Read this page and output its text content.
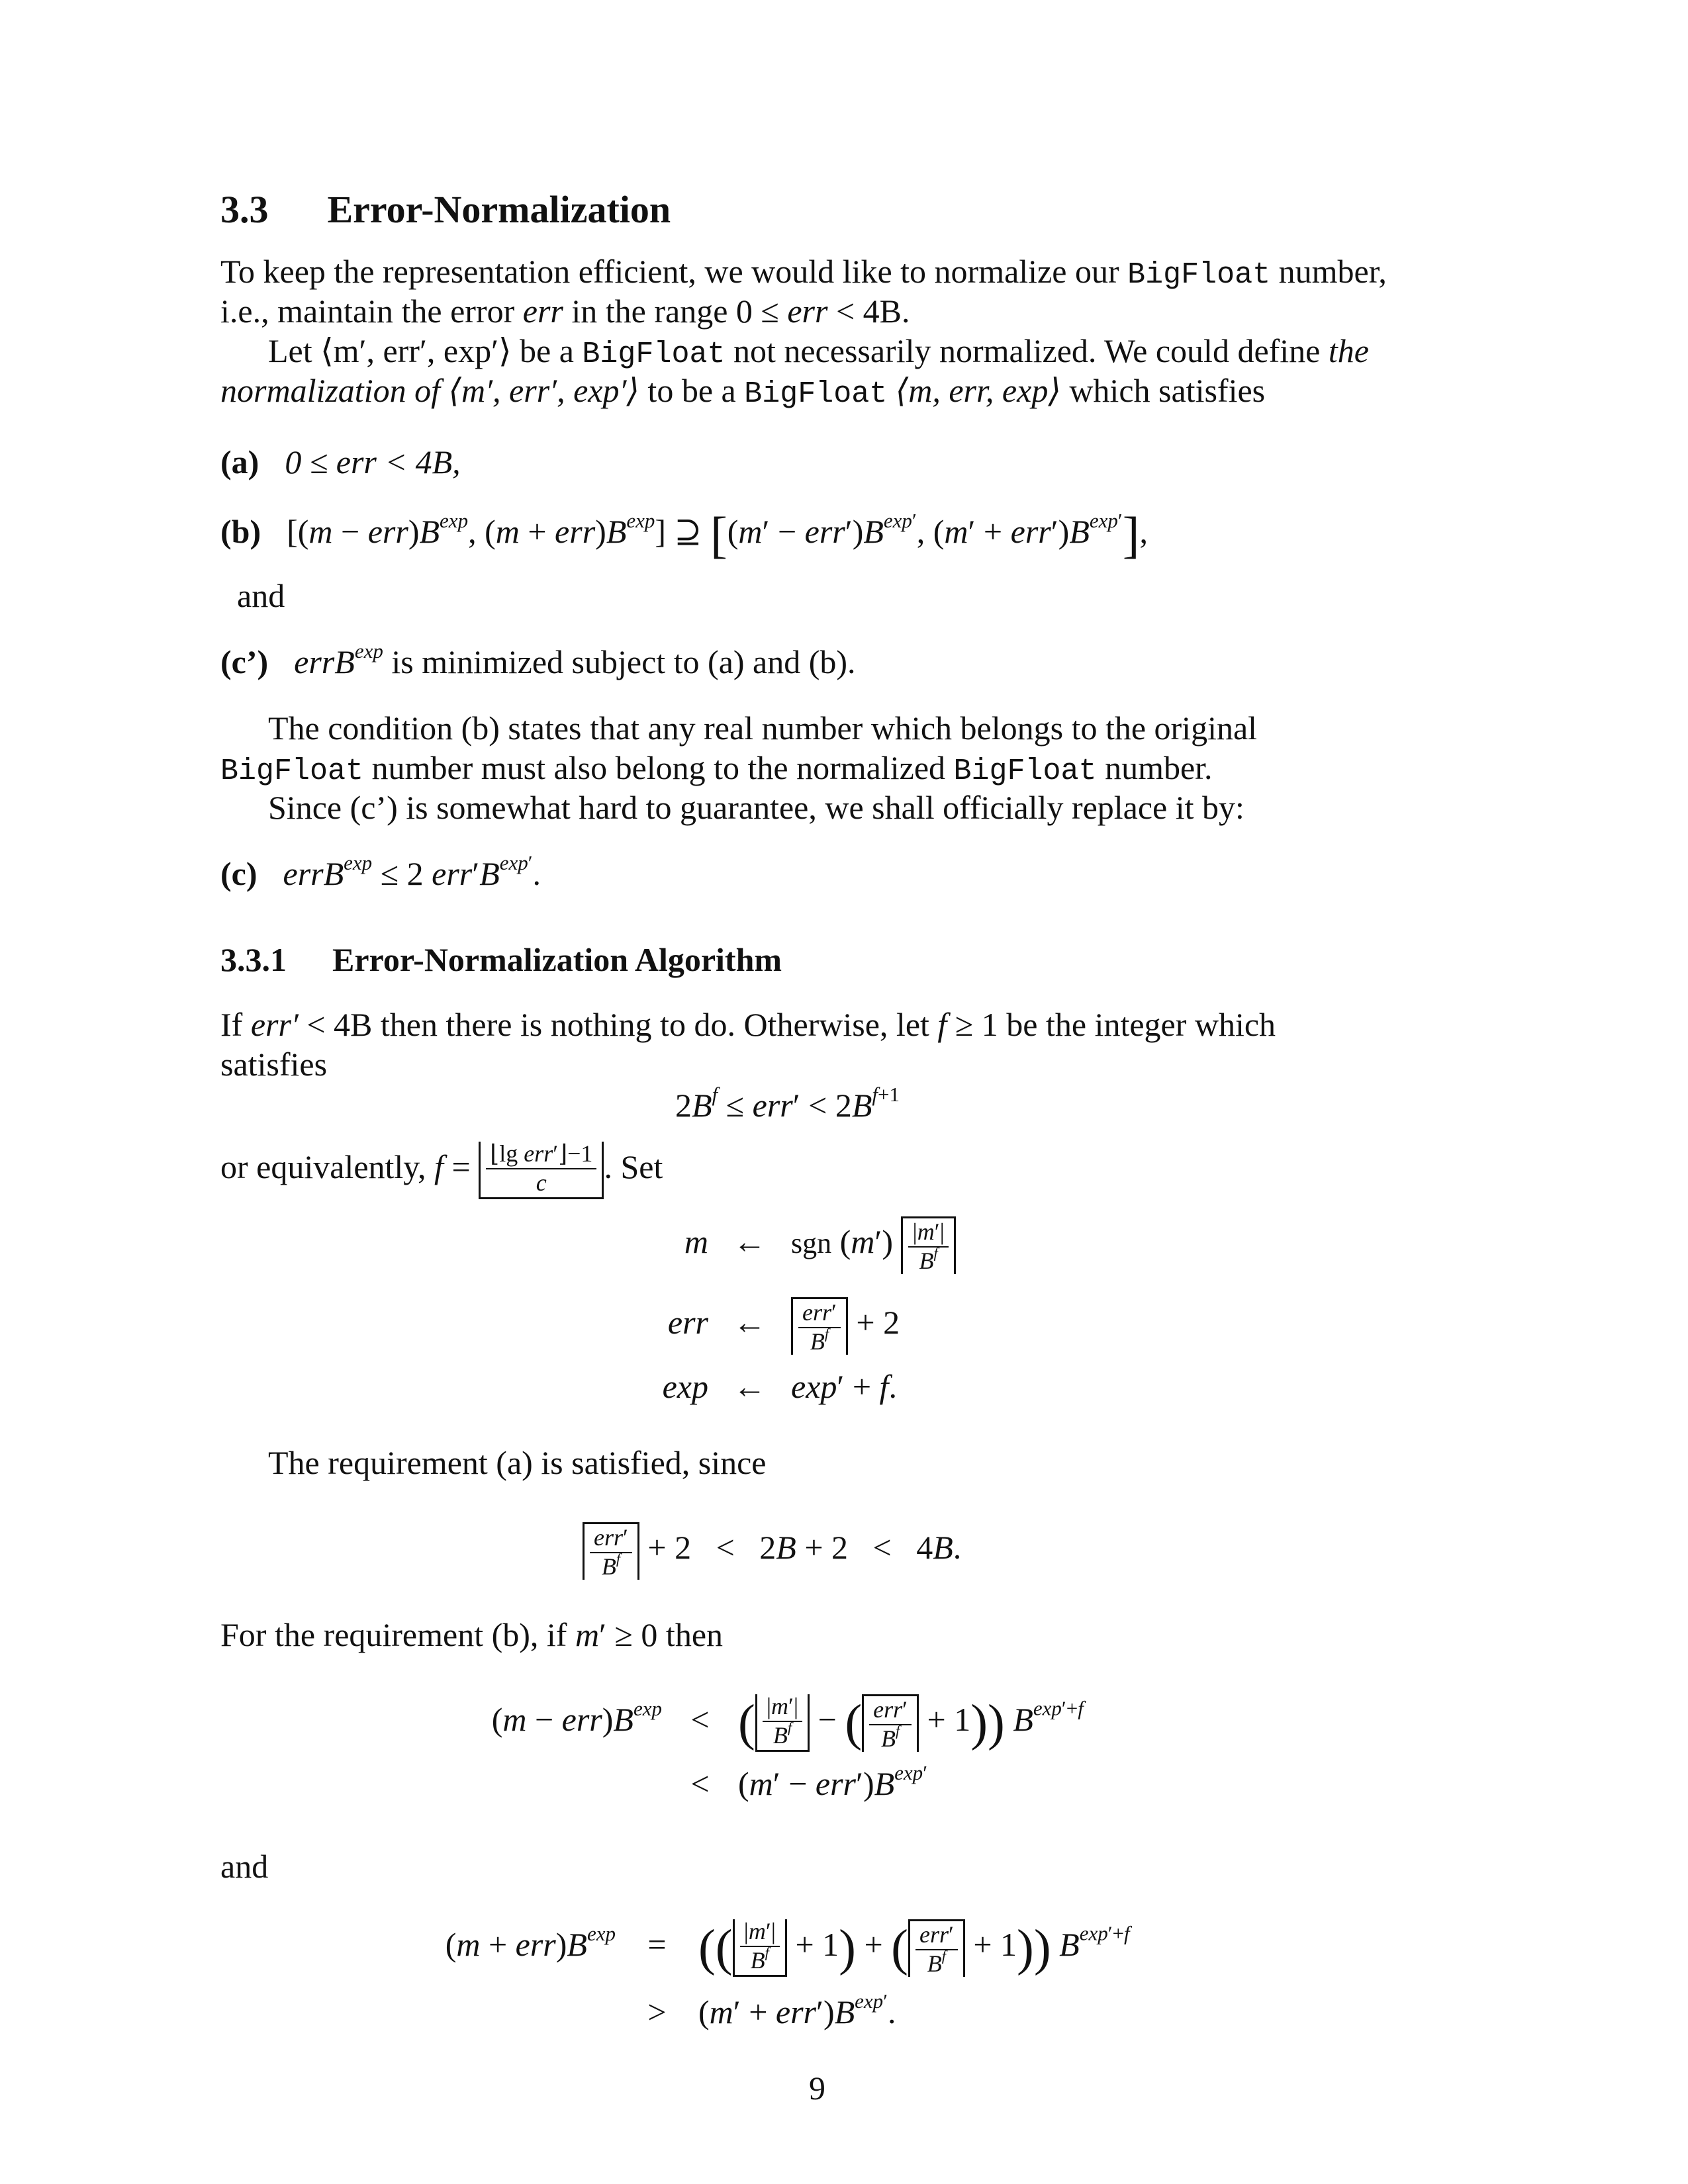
3.3 Error-Normalization
To keep the representation efficient, we would like to normalize our BigFloat number,
i.e., maintain the error err in the range 0 ≤ err < 4B.
Let ⟨m′, err′, exp′⟩ be a BigFloat not necessarily normalized. We could define the
normalization of ⟨m′, err′, exp′⟩ to be a BigFloat ⟨m, err, exp⟩ which satisfies
(a) 0 ≤ err < 4B,
(b) [$(m - err)B^{exp}$, $(m + err)B^{exp}$] ⊇ [$(m' - err')B^{exp'}$, $(m' + err')B^{exp'}$],
and
(c’) errB$^{exp}$ is minimized subject to (a) and (b).
The condition (b) states that any real number which belongs to the original
BigFloat number must also belong to the normalized BigFloat number.
Since (c’) is somewhat hard to guarantee, we shall officially replace it by:
(c) errB$^{exp}$ ≤ 2 $err'B^{exp'}$.
3.3.1 Error-Normalization Algorithm
If err′ < 4B then there is nothing to do. Otherwise, let f ≥ 1 be the integer which
satisfies
$2B^f \le err' < 2B^{f+1}$
or equivalently, $f = \frac{\text{⌊lg err′⌋−1}}{c}$ . Set
m ← sgn $(m') \frac{|m'|}{B^f}$
err ← $\frac{\text{err′}}{B^f} + 2$
exp ← exp′ + f.
The requirement (a) is satisfied, since
$\frac{\text{err′}}{B^f} + 2 < 2B + 2 < 4B$.
For the requirement (b), if m′ ≥ 0 then
$(m - err)B^{exp}$ < ( $\frac{|m'|}{B^f}$ − ( $\frac{\text{err′}}{B^f} + 1$)) $B^{exp'+f}$
< $(m' - err')B^{exp'}$
and
$(m + err)B^{exp}$ = (( $\frac{|m'|}{B^f} + 1$) + ( $\frac{\text{err′}}{B^f} + 1$)) $B^{exp'+f}$
> $(m' + err')B^{exp'}$.
9
